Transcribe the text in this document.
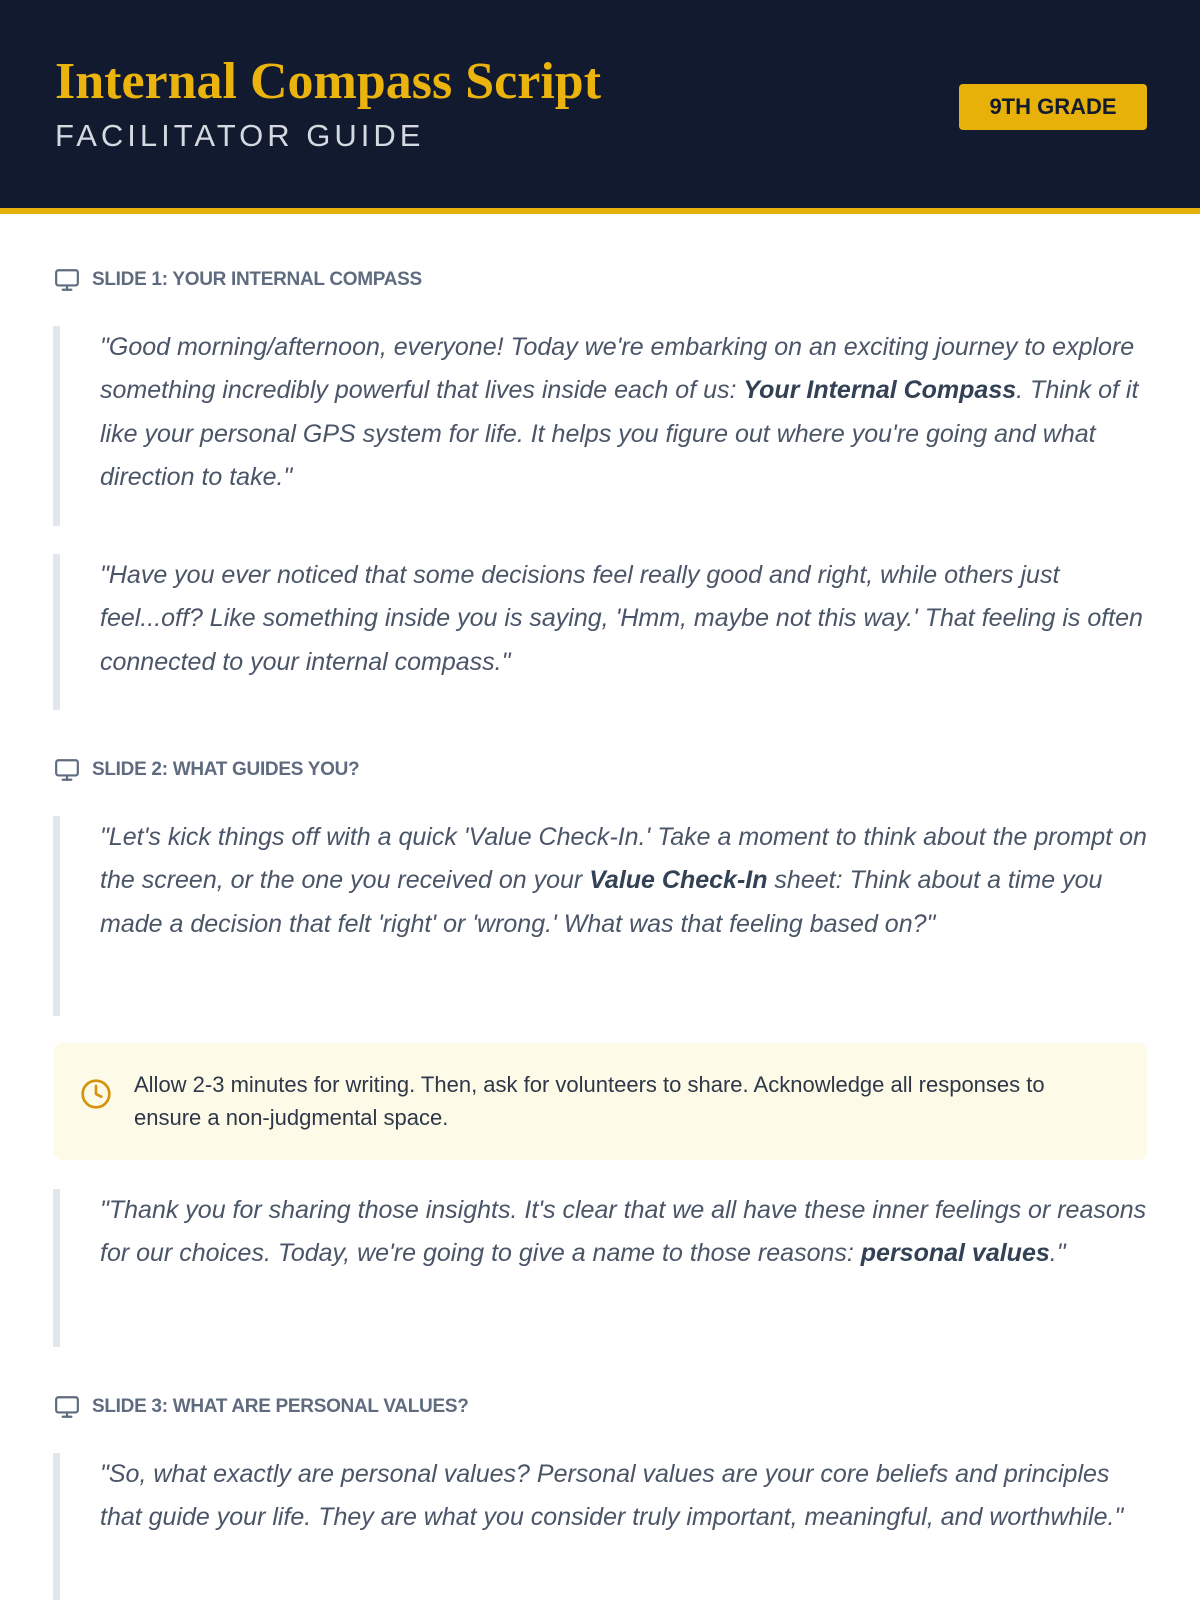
Internal Compass Script
FACILITATOR GUIDE
9TH GRADE
SLIDE 1: YOUR INTERNAL COMPASS
"Good morning/afternoon, everyone! Today we're embarking on an exciting journey to explore something incredibly powerful that lives inside each of us: Your Internal Compass. Think of it like your personal GPS system for life. It helps you figure out where you're going and what direction to take."
"Have you ever noticed that some decisions feel really good and right, while others just feel...off? Like something inside you is saying, 'Hmm, maybe not this way.' That feeling is often connected to your internal compass."
SLIDE 2: WHAT GUIDES YOU?
"Let's kick things off with a quick 'Value Check-In.' Take a moment to think about the prompt on the screen, or the one you received on your Value Check-In sheet: Think about a time you made a decision that felt 'right' or 'wrong.' What was that feeling based on?"
Allow 2-3 minutes for writing. Then, ask for volunteers to share. Acknowledge all responses to ensure a non-judgmental space.
"Thank you for sharing those insights. It's clear that we all have these inner feelings or reasons for our choices. Today, we're going to give a name to those reasons: personal values."
SLIDE 3: WHAT ARE PERSONAL VALUES?
"So, what exactly are personal values? Personal values are your core beliefs and principles that guide your life. They are what you consider truly important, meaningful, and worthwhile."
